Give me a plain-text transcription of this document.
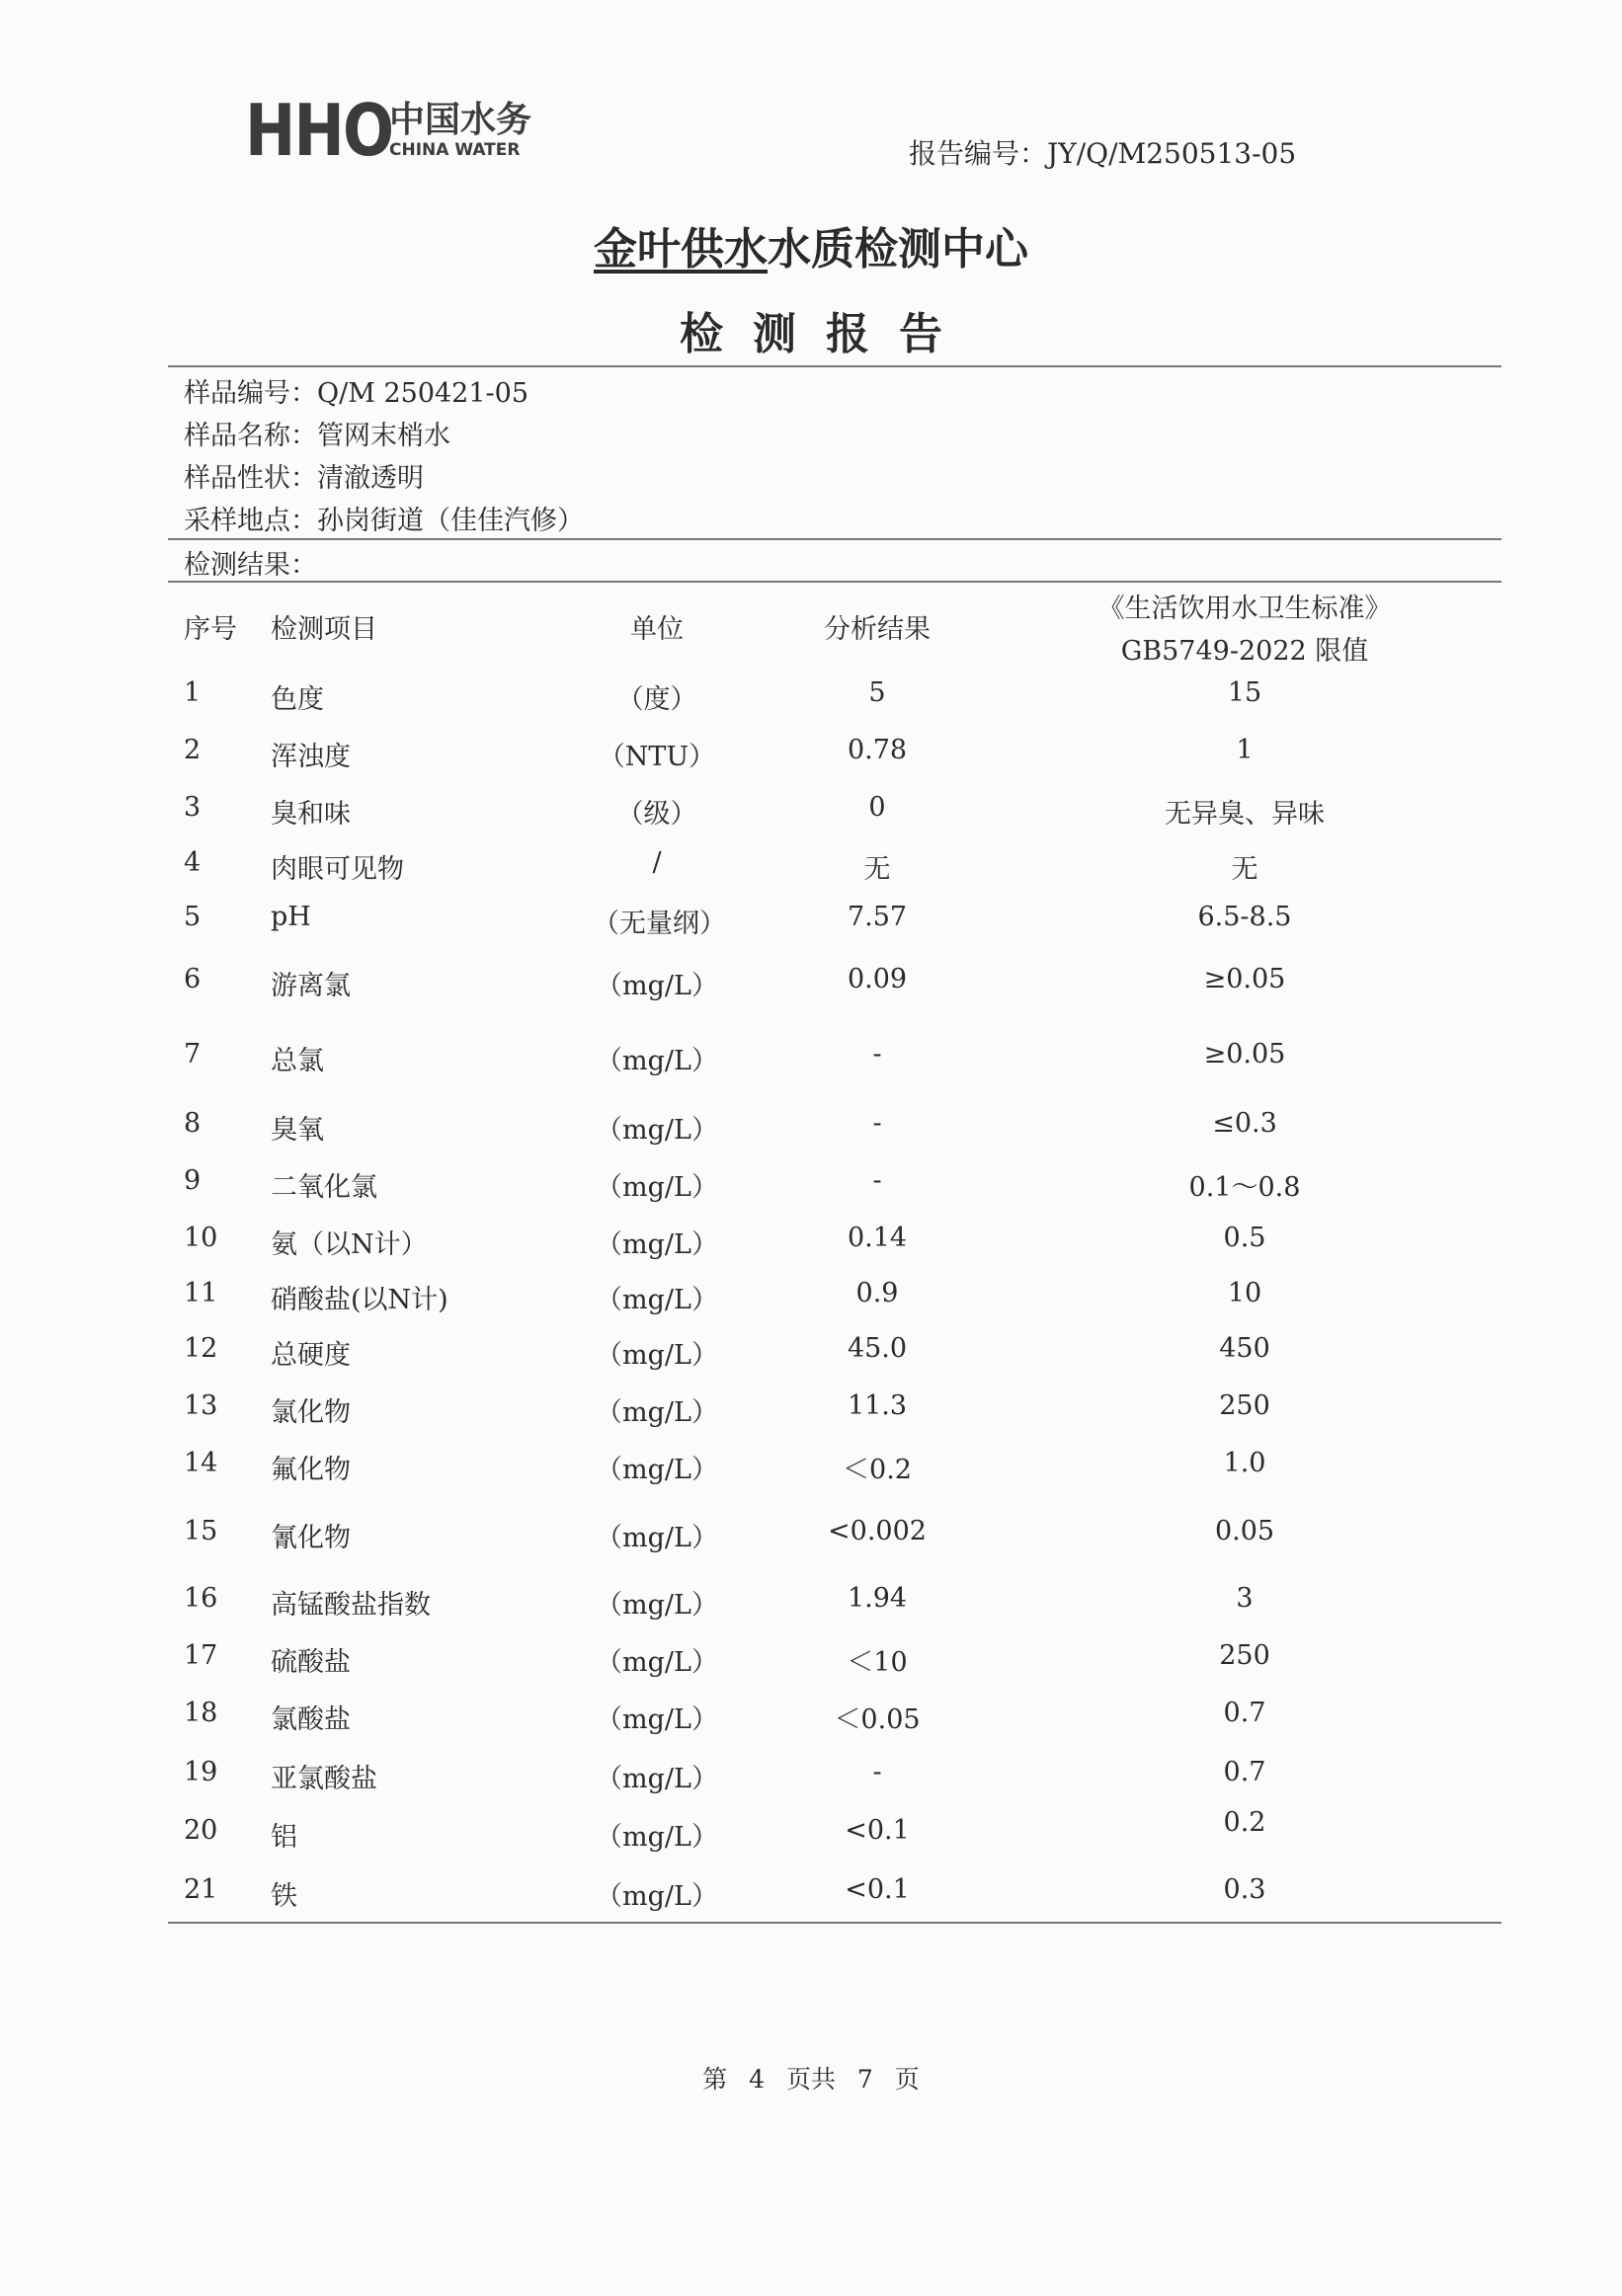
HHO
中国水务
CHINA WATER	报告编号：JY/Q/M250513-05
金叶供水水质检测中心
检测报告
样品编号：Q/M 250421-05
样品名称：管网末梢水
样品性状：清澈透明
采样地点：孙岗街道（佳佳汽修）
检测结果：
序号 检测项目	单位	分析结果
《生活饮用水卫生标准》
GB5749-2022 限值
1	色度	（度）	5	15
2	浑浊度	（NTU）	0.78	1
3	臭和味	（级）	0	无异臭、异味
4	肉眼可见物	/	无	无
5	pH	（无量纲）	7.57	6.5-8.5
6	游离氯	（mg/L）	0.09	≥0.05
7	总氯	（mg/L）	-	≥0.05
8	臭氧	（mg/L）	-	≤0.3
9	二氧化氯	（mg/L）	-	0.1～0.8
10 氨（以N计）	（mg/L）	0.14	0.5
11 硝酸盐(以N计)	（mg/L）	0.9	10
12 总硬度	（mg/L）	45.0	450
13 氯化物	（mg/L）	11.3	250
14 氟化物	（mg/L）	＜0.2	1.0
15 氰化物	（mg/L）	<0.002	0.05
16 高锰酸盐指数	（mg/L）	1.94	3
17 硫酸盐	（mg/L）	＜10	250
18 氯酸盐	（mg/L）	＜0.05	0.7
19 亚氯酸盐	（mg/L）	-	0.7
20 铝	（mg/L）	<0.1	0.2
21 铁	（mg/L）	<0.1	0.3
第 4 页共 7 页
